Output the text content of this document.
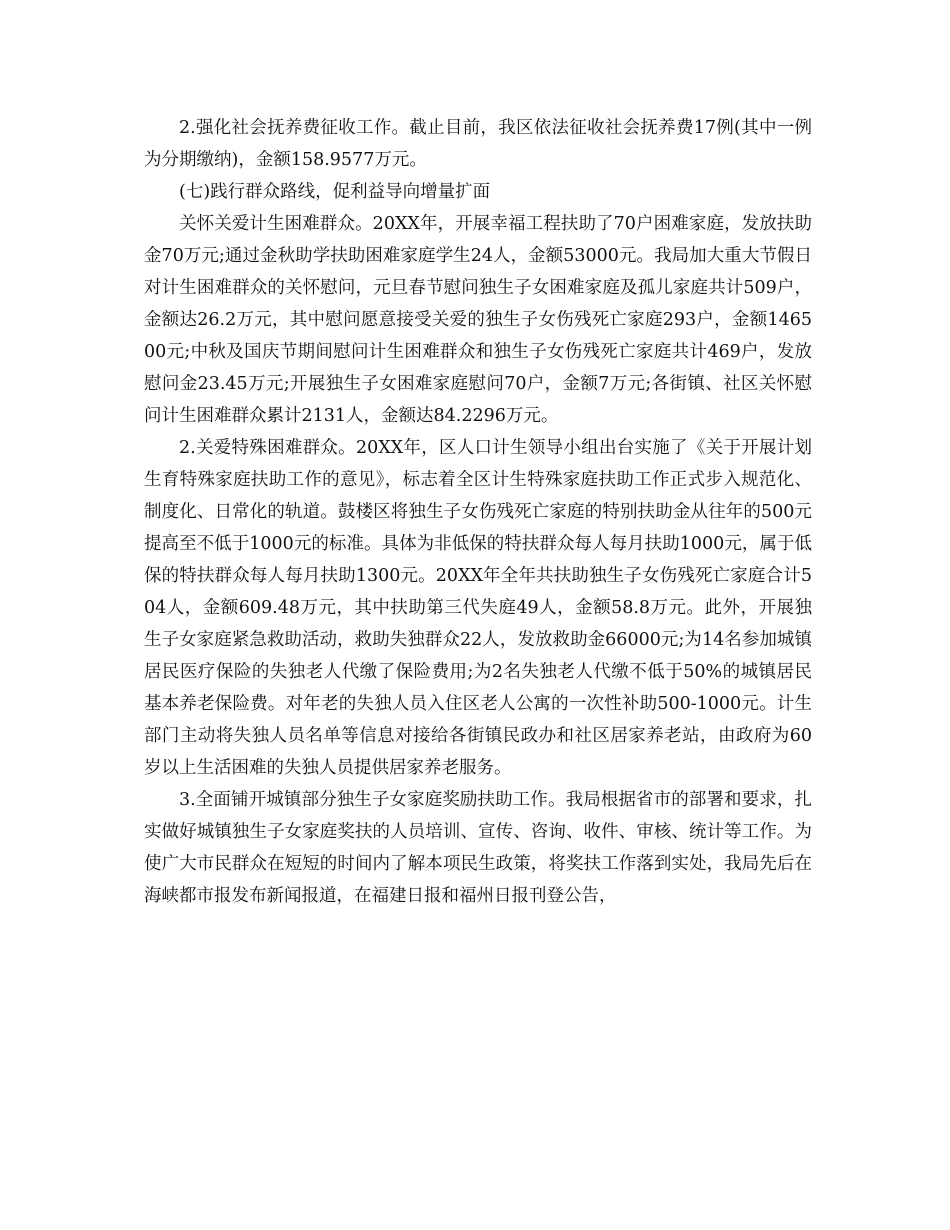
2.强化社会抚养费征收工作。截止目前，我区依法征收社会抚养费17例(其中一例为分期缴纳)，金额158.9577万元。

(七)践行群众路线，促利益导向增量扩面

关怀关爱计生困难群众。20XX年，开展幸福工程扶助了70户困难家庭，发放扶助金70万元;通过金秋助学扶助困难家庭学生24人，金额53000元。我局加大重大节假日对计生困难群众的关怀慰问，元旦春节慰问独生子女困难家庭及孤儿家庭共计509户，金额达26.2万元，其中慰问愿意接受关爱的独生子女伤残死亡家庭293户，金额146500元;中秋及国庆节期间慰问计生困难群众和独生子女伤残死亡家庭共计469户，发放慰问金23.45万元;开展独生子女困难家庭慰问70户，金额7万元;各街镇、社区关怀慰问计生困难群众累计2131人，金额达84.2296万元。

2.关爱特殊困难群众。20XX年，区人口计生领导小组出台实施了《关于开展计划生育特殊家庭扶助工作的意见》，标志着全区计生特殊家庭扶助工作正式步入规范化、制度化、日常化的轨道。鼓楼区将独生子女伤残死亡家庭的特别扶助金从往年的500元提高至不低于1000元的标准。具体为非低保的特扶群众每人每月扶助1000元，属于低保的特扶群众每人每月扶助1300元。20XX年全年共扶助独生子女伤残死亡家庭合计504人，金额609.48万元，其中扶助第三代失庭49人，金额58.8万元。此外，开展独生子女家庭紧急救助活动，救助失独群众22人，发放救助金66000元;为14名参加城镇居民医疗保险的失独老人代缴了保险费用;为2名失独老人代缴不低于50%的城镇居民基本养老保险费。对年老的失独人员入住区老人公寓的一次性补助500-1000元。计生部门主动将失独人员名单等信息对接给各街镇民政办和社区居家养老站，由政府为60岁以上生活困难的失独人员提供居家养老服务。

3.全面铺开城镇部分独生子女家庭奖励扶助工作。我局根据省市的部署和要求，扎实做好城镇独生子女家庭奖扶的人员培训、宣传、咨询、收件、审核、统计等工作。为使广大市民群众在短短的时间内了解本项民生政策，将奖扶工作落到实处，我局先后在海峡都市报发布新闻报道，在福建日报和福州日报刊登公告，
